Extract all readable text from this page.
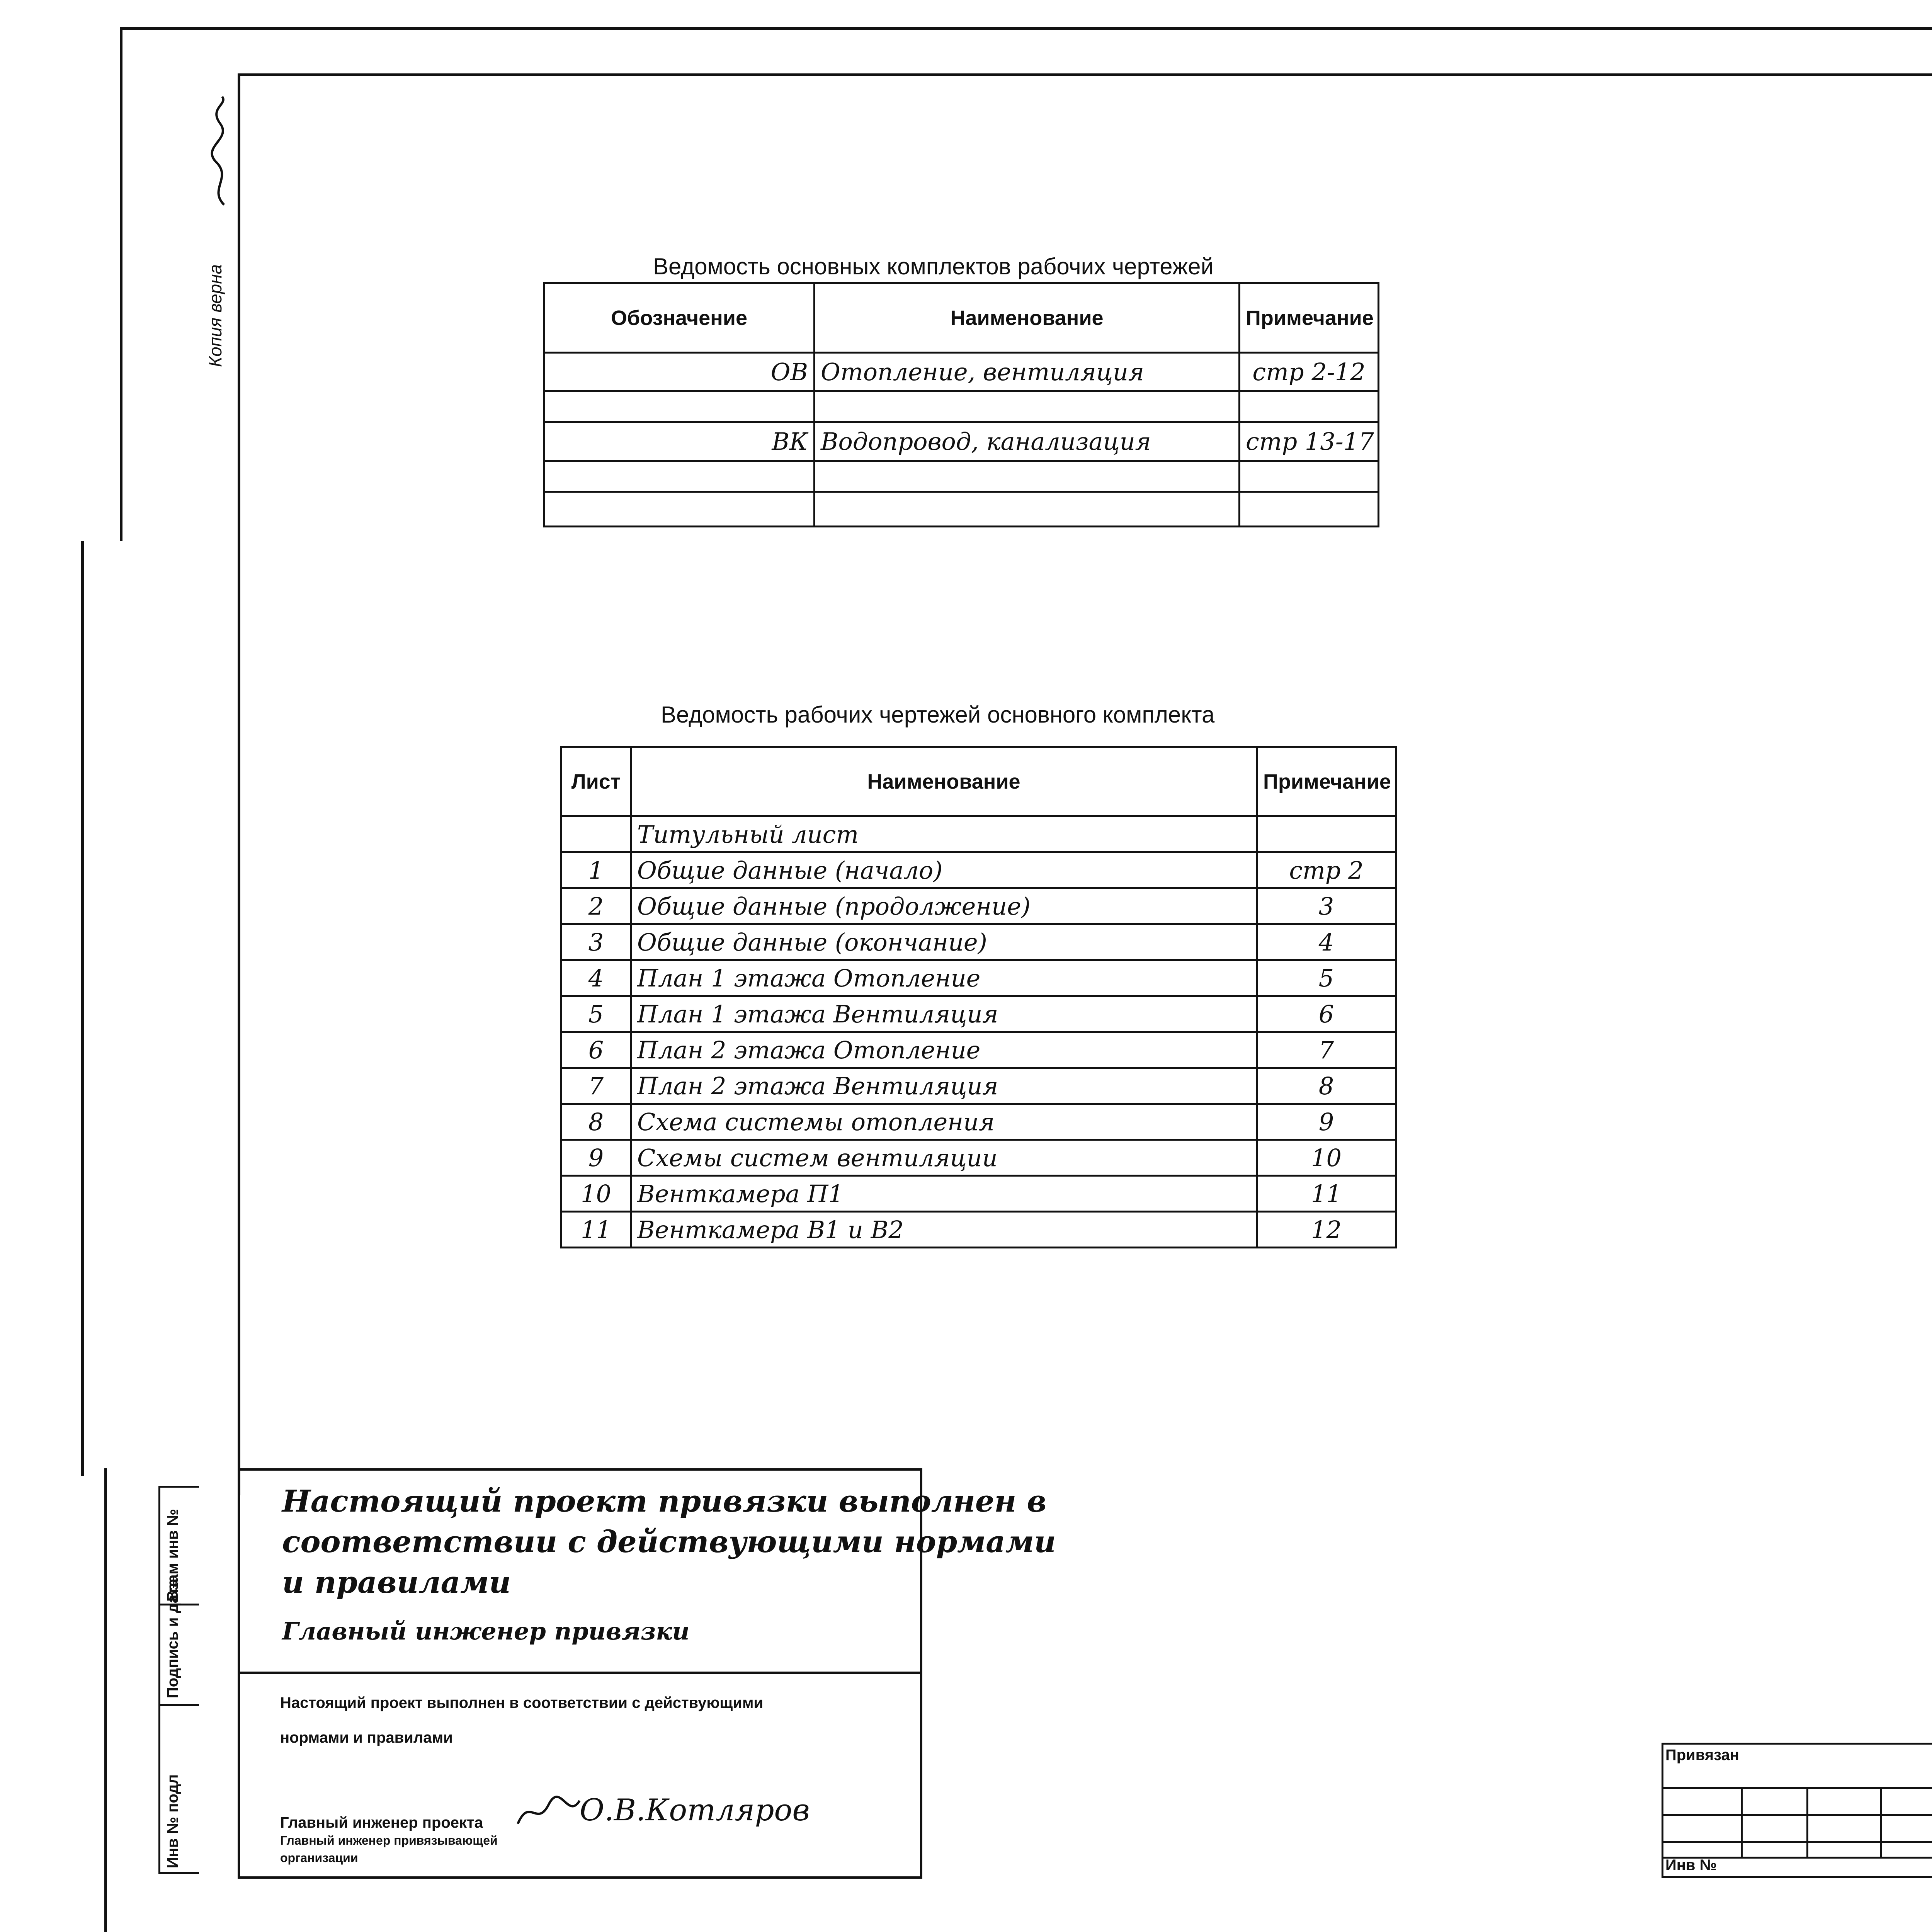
Копия верна	Ведомость основных комплектов рабочих чертежей
Обозначение	Наименование	Примечание
ОВ	Отопление, вентиляция	стр 2-12

ВК	Водопровод, канализация	стр 13-17

Ведомость рабочих чертежей основного комплекта
Лист	Наименование	Примечание
	Титульный лист	
1	Общие данные (начало)	стр 2
2	Общие данные (продолжение)	3
3	Общие данные (окончание)	4
4	План 1 этажа Отопление	5
5	План 1 этажа Вентиляция	6
6	План 2 этажа Отопление	7
7	План 2 этажа Вентиляция	8
8	Схема системы отопления	9
9	Схемы систем вентиляции	10
10	Венткамера П1	11
11	Венткамера В1 и В2	12

Инв № подл
Подпись и дата
Взам инв №
Настоящий проект привязки выполнен в
соответствии с действующими нормами
и правилами
Главный инженер привязки
Настоящий проект выполнен в соответствии с действующими
нормами и правилами
Главный инженер проекта	О.В.Котляров
Главный инженер привязывающей
организации
Привязан
Инв №
